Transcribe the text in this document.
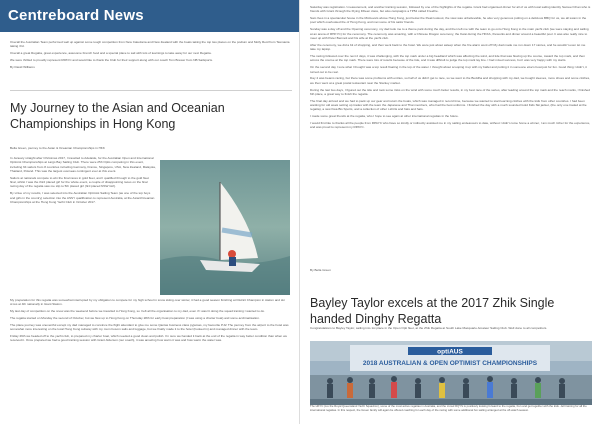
Centreboard News

Overall the Australian Team performed well up against some tough competition from New Caledonia and New Zealand with the boats taking the top two places on the podium and Molly Reid from Tasmania taking 3rd.

Overall a great Regatta, great experience, awesome French food and a special place to sail with lots of learnings to take away for our next Regatta.

We were thrilled to proudly represent RPAYC and would like to thank the Club for their support along with our coach Tom Brewer from NB Sailsports.

By David Williams

My Journey to the Asian and Oceanian Championships in Hong Kong

Bella Green, journey to the Asian & Oceanian Championships in HKK

In January straight after Christmas 2017, I travelled to Adelaide, for the Australian Open and International Optimist Championships at Largs Bay Sailing Club. There were 253 Optis competing in this event, including 64 sailors from 8 countries including Germany, France, Singapore, USA, New Zealand, Malaysia, Thailand, Poland. This was the largest overseas contingent ever at this event.

Sailors at nationals compete to win the final races in gold fleet, and I qualified through to the gold fleet final, whilst I was the third placed girl for the whole event, a couple of disappointing races on the final racing day of the regatta saw me slip to 5th placed girl (3rd placed NSW Girl).

By virtue of my results, I was selected into the Australian Optimist Sailing Team (as one of the top boys and girls in the country) selection into the ASSY qualification to represent Australia, at the Asian/Oceanian Championships at the Hong Kong Yacht Club in October 2017.

My preparation for this regatta was somewhat interrupted by my obligation to compete for my high school in snow skiing over winter, it had a good season finishing at District Champion in slalom and ski cross at 4th nationally in Giant Slalom.

My last day of competition on the snow was the weekend before we travelled to Hong Kong, so I left all the organisation to my dad, even if I wasn't doing the squad training I wanted to do.

The regatta started on Monday the second of October, but we flew up to Hong Kong on Thursday 28th for early boat preparation (I was using a charter boat) and some acclimatisation.

The plane journey was uneventful except my dad managed to convince the flight attendant to give me some Qantas business class pyjamas, my favourite PJs! The journey from the airport to the hotel was somewhat more interesting on the local Hong Kong subway with my mum bosom sails and luggage, but we finally made it to the hotel (hooked in) and managed dinner with the team.

Friday 29th we headed off to the yacht club, to prepared my charter boat, which needed a good clean and polish. I'm sure we handed it back at the end of the regatta in way better condition than when we received it. Once prepared we had a good training session with Grant Alderson (our coach), it was amazing how warm it was and how warm the water was.

Saturday was registration / measurement, and another training session, followed by one of the highlights of the regatta. Grant had organised dinner for all of us with local sailing identity Samuel Chan who is friends with Grant through the Flying Fifteen class, but also campaigns a TP52 called Freefire.

Sam lives in a spectacular house in the Mid-levels above Hong Kong, just below the Peak lookout, the view was unbelievable, he also very generous putting on a delicious BBQ for us, we all swam in the pool which overlooked the of Hong Kong, and met some of his sailor friends.

Sunday was a day off and the Opening ceremony, my dad took me to a theme park during the day, and then left me with the team to go onto Hong Kong to the main yacht club (we were staying and sailing at an arena of RHKYC) for the ceremony. The ceremony was amazing, with a Chinese Dragon ceremony, the Kwai during the HKKA, fireworks and dinner around a beautiful pool. It was also really nice to meet up with Peter Bennett and his wife at the yacht club.

After the ceremony, we did a bit of shopping, and then went back to the hotel. We were just about asleep when the fire alarm went off! My dad made me run down 17 stories, and he wouldn't even let me take my laptop.

The racing followed over the next 2 days, it was challenging, with the top mark under a big headland which was affecting the wind, and tide that was flowing up the course, toward the top mark, and then across the course at the top mark. There were lots of results because of the tide, and it was difficult to judge the top mark lay line. I had mixed success, but I was very happy with my starts.

On the second day I sure what I thought was a top result floating in the top of the water. I thought about scooping it up with my ballet and putting it in someone else's boat just for fun. Good thing I didn't, it turned out to be real.

Day 4 was beams racing, but there was some problems with entries, so half of us didn't get to race, so we went to the Buddha and shopping with my dad, we bought sleeves, more shoes and some clothes, we then went at a great postal restaurant near the Stanley market.

During the last two days, I figured out the tide and took some risks on the wind with some much better results, in my best race of the series, after leading around the top mark and the reach marks, I finished 6th place, a great way to finish the regatta.

The final day arrived and we had to pack up our gear and return the boats, which was managed in record time, because we wanted to start learning clothes with the kids from other countries. I had been wanting for old week setting up trades with the team the Japanese and Thai members, who had the best uniforms. I finished the day with a much sounded Gold Kids Ski jacket, (the only one traded at the regatta), a new Kwa Bis Sports, and a collection of other t-shirts and hats and hats.

I made some great friends at the regatta, who I hope to see again at other international regattas in the future.

I would first like to thanks all the people from RPAYC who have so kindly or indirectly assisted me in my sailing endeavours to date, without I didn't come home a winner, I am much richer for the experience, and was proud to represent my RPAYC.

By Bella Green

Bayley Taylor excels at the 2017 Zhik Single handed Dinghy Regatta

Congratulations to Bayley Taylor, sailing into 1st place in the Open Opti fleet, at the Zhik Regatta at South Lake Macquarie Amateur Sailing Club. Well done to all competitors.

optiAUS
2018 AUSTRALIAN & OPEN OPTIMIST CHAMPIONSHIPS
The HKYC (Liu the Royal Queensland Yacht Squadron), some of the most active regattas in Australia, and the crowd RQYS is positively looking forward to the regatta, Fun and get together with the kids. Jell training for all the international regattas. In this respect, the Green family will again be offered coaching for each day of the racing with some additional fun sailing arranged at the off-watch season.
